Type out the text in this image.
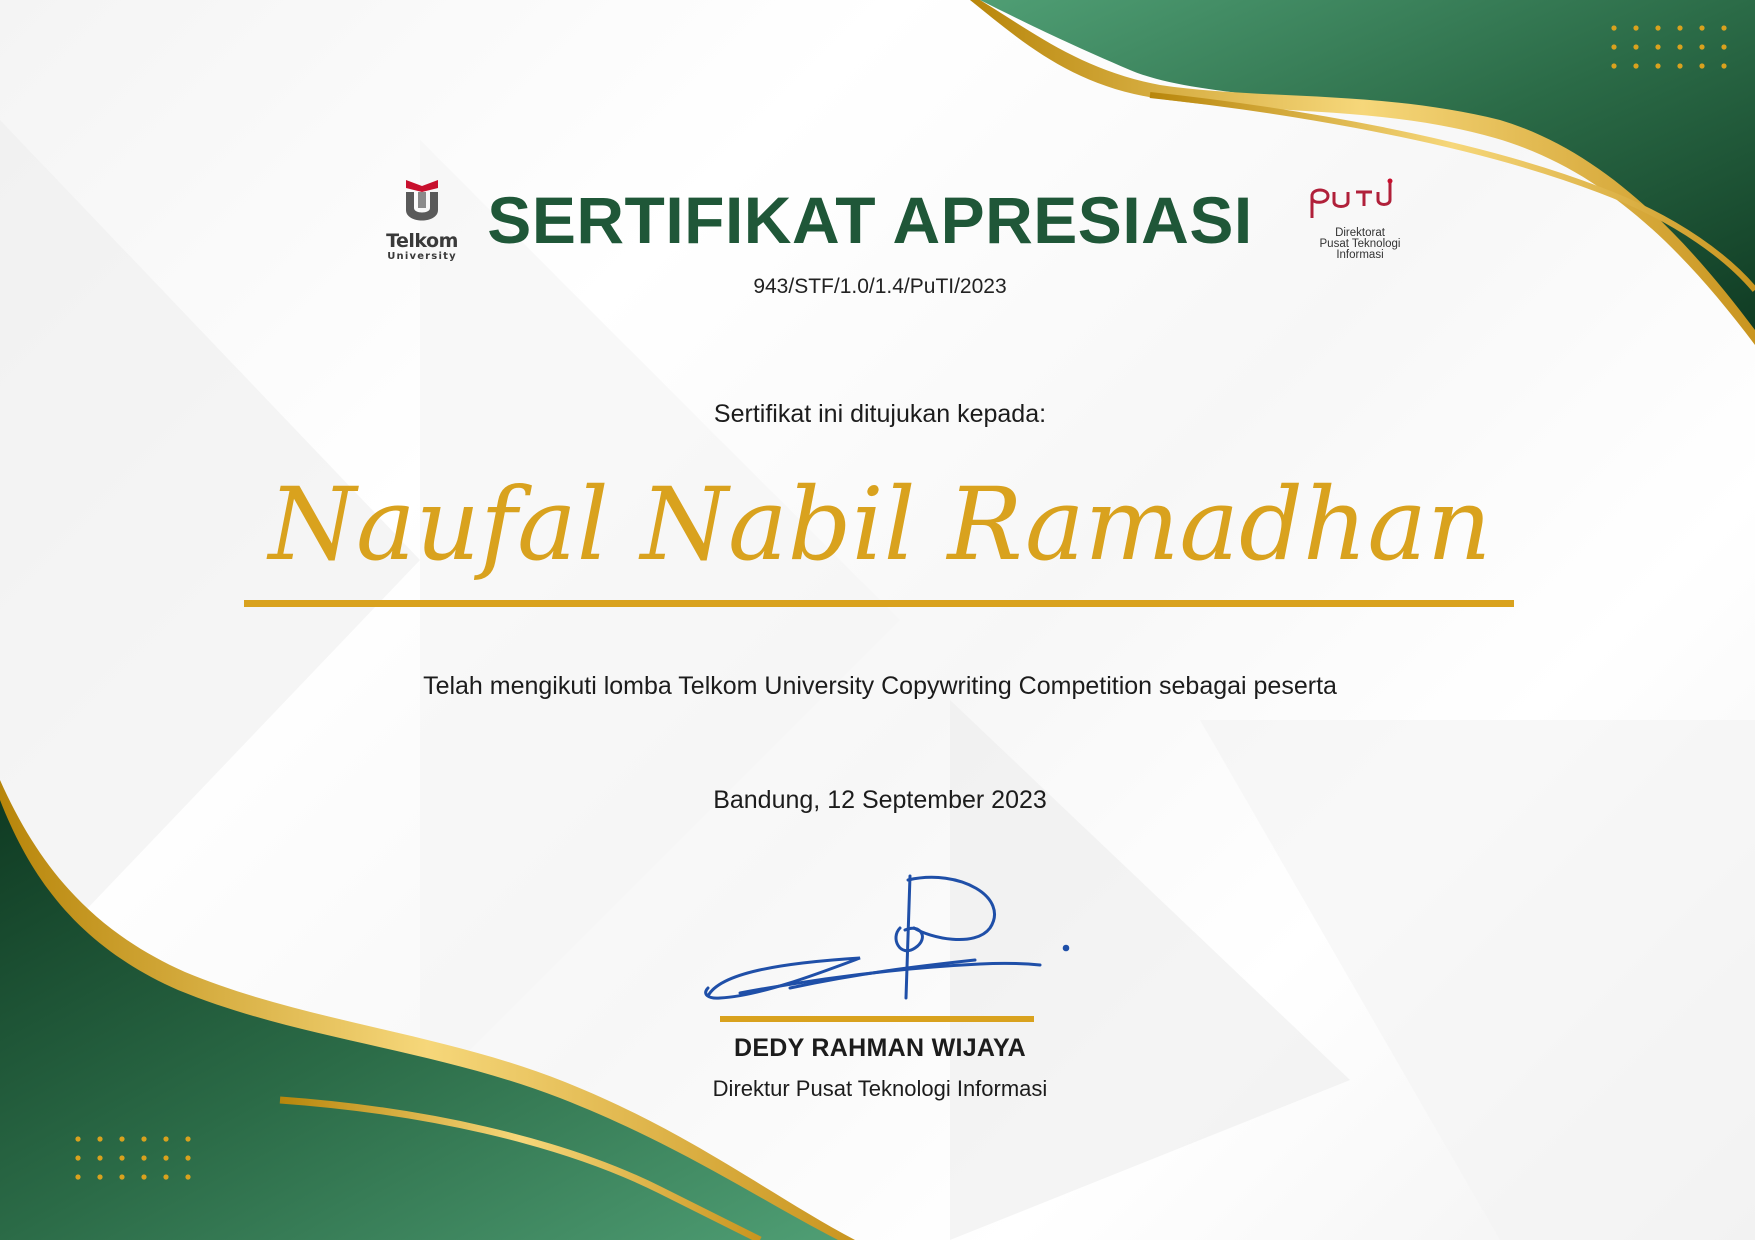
Telkom
University SERTIFIKAT APRESIASI
943/STF/1.0/1.4/PuTI/2023
Direktorat
Pusat Teknologi
Informasi
Sertifikat ini ditujukan kepada:
Naufal Nabil Ramadhan
Telah mengikuti lomba Telkom University Copywriting Competition sebagai peserta
Bandung, 12 September 2023
DEDY RAHMAN WIJAYA
Direktur Pusat Teknologi Informasi
